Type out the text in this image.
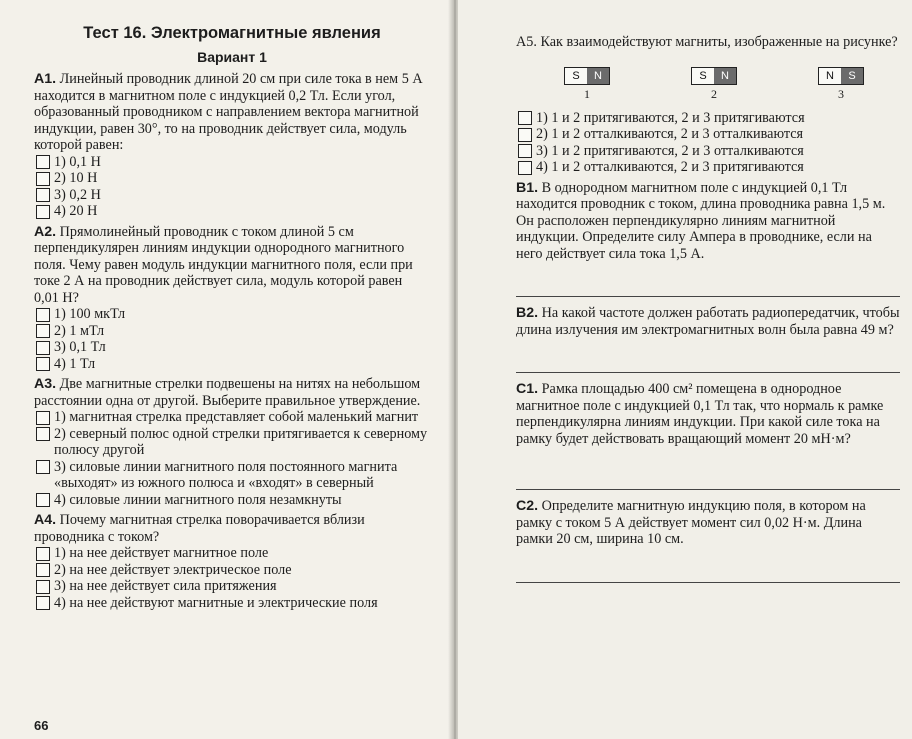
Тест 16. Электромагнитные явления
Вариант 1

A1. Линейный проводник длиной 20 см при силе тока в нем 5 А находится в магнитном поле с индукцией 0,2 Тл. Если угол, образованный проводником с направлением вектора магнитной индукции, равен 30°, то на проводник действует сила, модуль которой равен:

1) 0,1 Н
2) 10 Н
3) 0,2 Н
4) 20 Н

A2. Прямолинейный проводник с током длиной 5 см перпендикулярен линиям индукции однородного магнитного поля. Чему равен модуль индукции магнитного поля, если при токе 2 А на проводник действует сила, модуль которой равен 0,01 Н?

1) 100 мкТл
2) 1 мТл
3) 0,1 Тл
4) 1 Тл

A3. Две магнитные стрелки подвешены на нитях на небольшом расстоянии одна от другой. Выберите правильное утверждение.

1) магнитная стрелка представляет собой маленький магнит
2) северный полюс одной стрелки притягивается к северному полюсу другой
3) силовые линии магнитного поля постоянного магнита «выходят» из южного полюса и «входят» в северный
4) силовые линии магнитного поля незамкнуты

A4. Почему магнитная стрелка поворачивается вблизи проводника с током?

1) на нее действует магнитное поле
2) на нее действует электрическое поле
3) на нее действует сила притяжения
4) на нее действуют магнитные и электрические поля
66

A5. Как взаимодействуют магниты, изображенные на рисунке?

S	N
1
S	N
2
N	S
3
1) 1 и 2 притягиваются, 2 и 3 притягиваются
2) 1 и 2 отталкиваются, 2 и 3 отталкиваются
3) 1 и 2 притягиваются, 2 и 3 отталкиваются
4) 1 и 2 отталкиваются, 2 и 3 притягиваются

B1. В однородном магнитном поле с индукцией 0,1 Тл находится проводник с током, длина проводника равна 1,5 м. Он расположен перпендикулярно линиям магнитной индукции. Определите силу Ампера в проводнике, если на него действует сила тока 1,5 А.

B2. На какой частоте должен работать радиопередатчик, чтобы длина излучения им электромагнитных волн была равна 49 м?

C1. Рамка площадью 400 см² помещена в однородное магнитное поле с индукцией 0,1 Тл так, что нормаль к рамке перпендикулярна линиям индукции. При какой силе тока на рамку будет действовать вращающий момент 20 мН·м?

C2. Определите магнитную индукцию поля, в котором на рамку с током 5 А действует момент сил 0,02 Н·м. Длина рамки 20 см, ширина 10 см.
